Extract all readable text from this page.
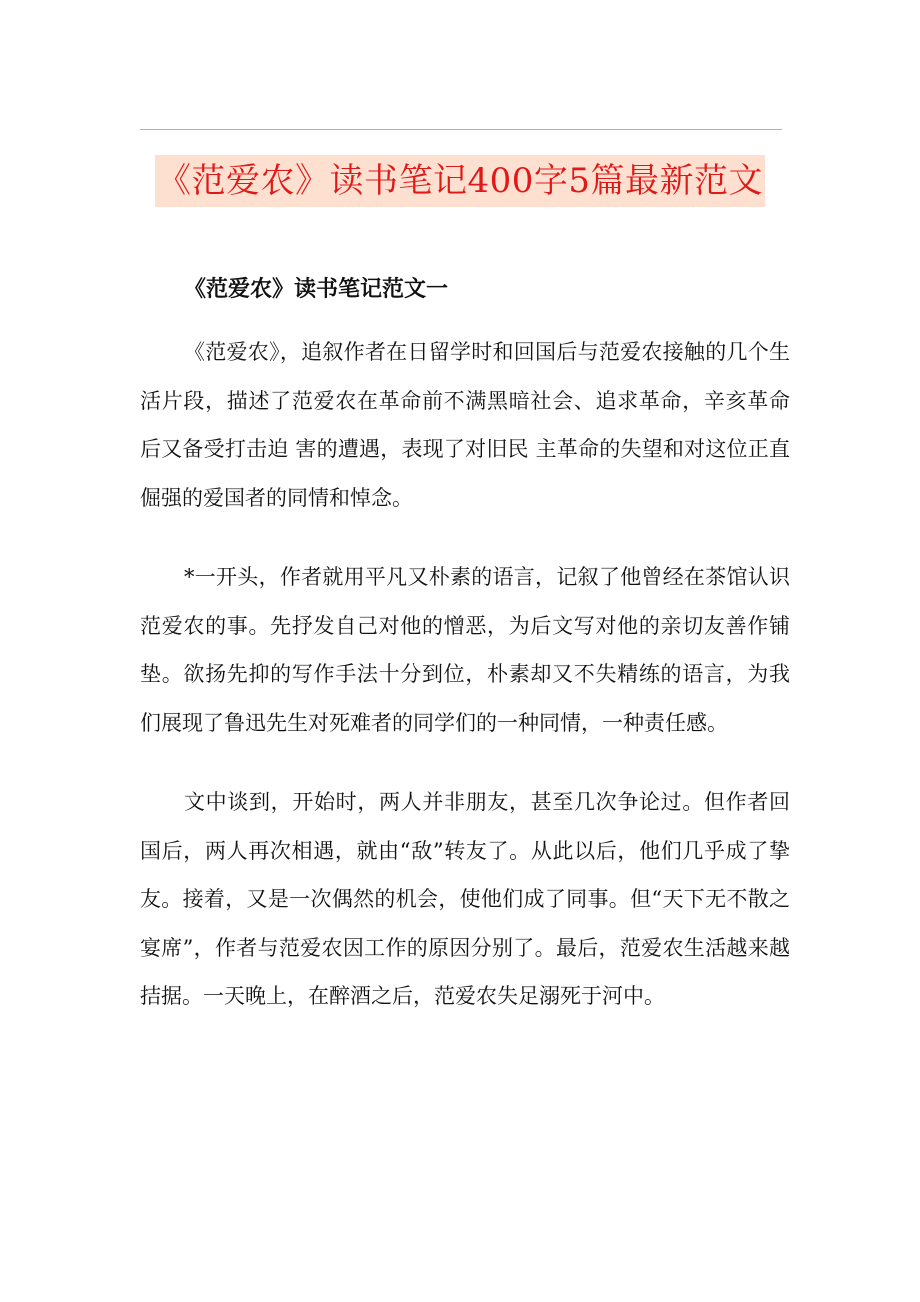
《范爱农》读书笔记400字5篇最新范文
《范爱农》读书笔记范文一

《范爱农》，追叙作者在日留学时和回国后与范爱农接触的几个生活片段，描述了范爱农在革命前不满黑暗社会、追求革命，辛亥革命后又备受打击迫 害的遭遇，表现了对旧民 主革命的失望和对这位正直倔强的爱国者的同情和悼念。

*一开头，作者就用平凡又朴素的语言，记叙了他曾经在茶馆认识范爱农的事。先抒发自己对他的憎恶，为后文写对他的亲切友善作铺垫。欲扬先抑的写作手法十分到位，朴素却又不失精练的语言，为我们展现了鲁迅先生对死难者的同学们的一种同情，一种责任感。

文中谈到，开始时，两人并非朋友，甚至几次争论过。但作者回国后，两人再次相遇，就由“敌”转友了。从此以后，他们几乎成了挚友。接着，又是一次偶然的机会，使他们成了同事。但“天下无不散之宴席”，作者与范爱农因工作的原因分别了。最后，范爱农生活越来越拮据。一天晚上，在醉酒之后，范爱农失足溺死于河中。
